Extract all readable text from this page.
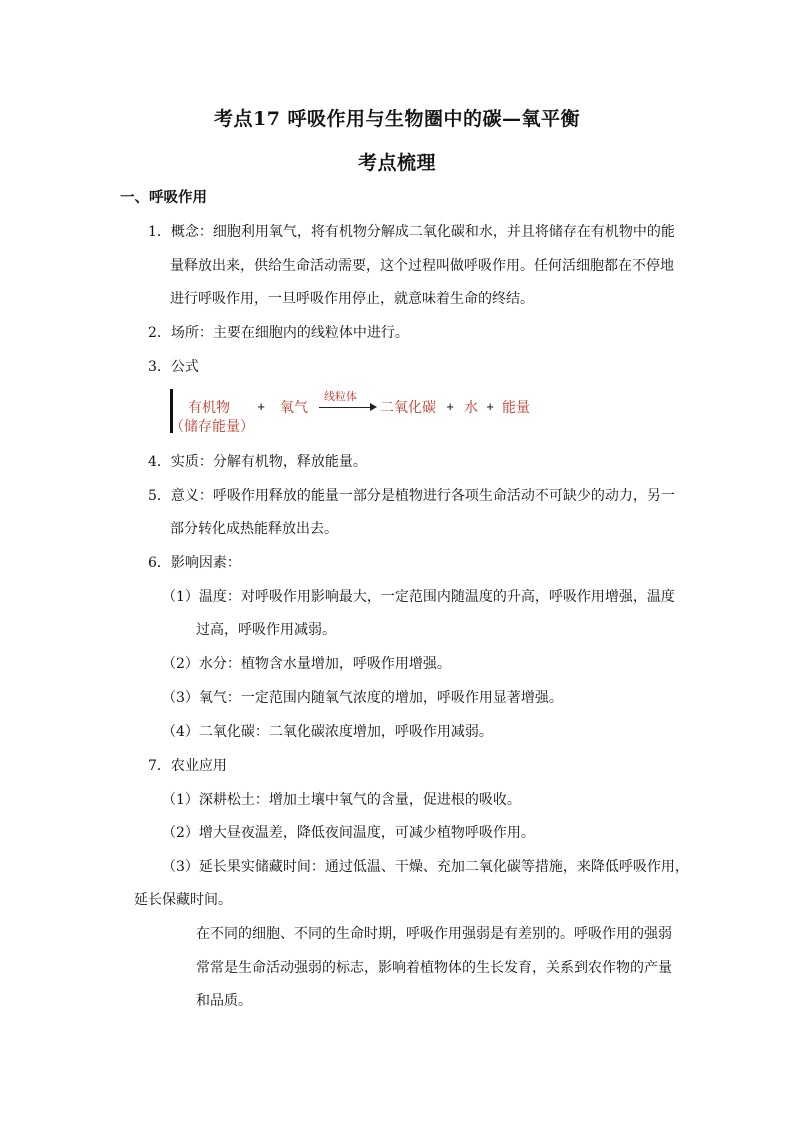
考点17 呼吸作用与生物圈中的碳—氧平衡
考点梳理
一、呼吸作用
1．概念：细胞利用氧气，将有机物分解成二氧化碳和水，并且将储存在有机物中的能
量释放出来，供给生命活动需要，这个过程叫做呼吸作用。任何活细胞都在不停地
进行呼吸作用，一旦呼吸作用停止，就意味着生命的终结。
2．场所：主要在细胞内的线粒体中进行。
3．公式
有机物
（储存能量）
+ 氧气
线粒体
二氧化碳 + 水 + 能量
4．实质：分解有机物，释放能量。
5．意义：呼吸作用释放的能量一部分是植物进行各项生命活动不可缺少的动力，另一
部分转化成热能释放出去。
6．影响因素：
（1）温度：对呼吸作用影响最大，一定范围内随温度的升高，呼吸作用增强，温度
过高，呼吸作用减弱。
（2）水分：植物含水量增加，呼吸作用增强。
（3）氧气：一定范围内随氧气浓度的增加，呼吸作用显著增强。
（4）二氧化碳：二氧化碳浓度增加，呼吸作用减弱。
7．农业应用
（1）深耕松土：增加土壤中氧气的含量，促进根的吸收。
（2）增大昼夜温差，降低夜间温度，可减少植物呼吸作用。
（3）延长果实储藏时间：通过低温、干燥、充加二氧化碳等措施，来降低呼吸作用，
延长保藏时间。
在不同的细胞、不同的生命时期，呼吸作用强弱是有差别的。呼吸作用的强弱
常常是生命活动强弱的标志，影响着植物体的生长发育，关系到农作物的产量
和品质。
